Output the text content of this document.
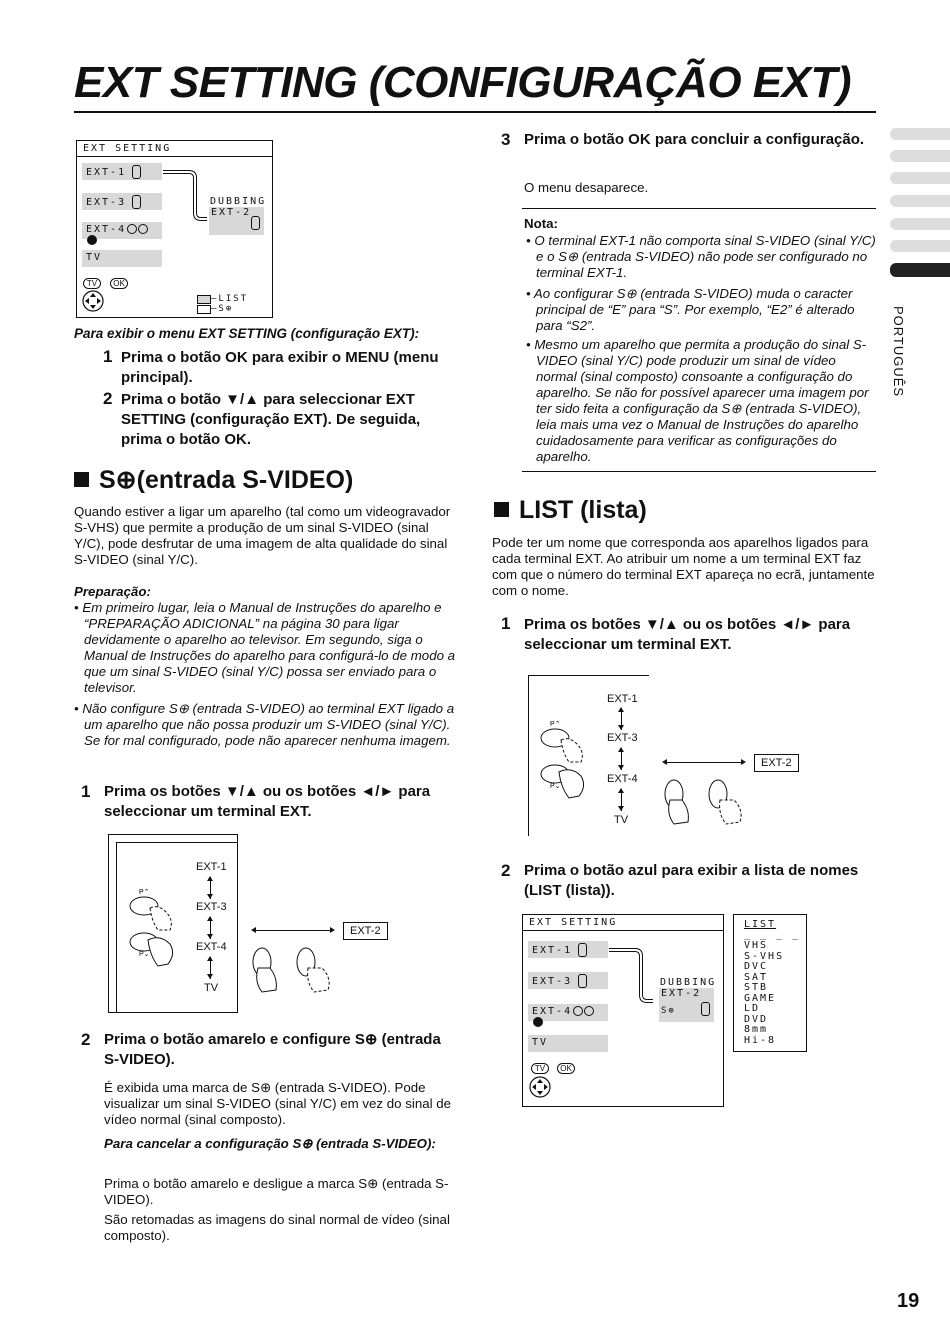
EXT SETTING (CONFIGURAÇÃO EXT)
PORTUGUÊS
EXT SETTING
EXT-1
EXT-3
EXT-4
TV
DUBBING
EXT-2
TV	OK
—LIST
—S⊕
Para exibir o menu EXT SETTING (configuração EXT):
1 Prima o botão OK para exibir o MENU (menu principal).
2 Prima o botão ▼/▲ para seleccionar EXT SETTING (configuração EXT). De seguida, prima o botão OK.
S⊕(entrada S-VIDEO)
Quando estiver a ligar um aparelho (tal como um videogravador S-VHS) que permite a produção de um sinal S-VIDEO (sinal Y/C), pode desfrutar de uma imagem de alta qualidade do sinal S-VIDEO (sinal Y/C).
Preparação:
• Em primeiro lugar, leia o Manual de Instruções do aparelho e “PREPARAÇÃO ADICIONAL” na página 30 para ligar devidamente o aparelho ao televisor. Em segundo, siga o Manual de Instruções do aparelho para configurá-lo de modo a que um sinal S-VIDEO (sinal Y/C) possa ser enviado para o televisor.
• Não configure S⊕ (entrada S-VIDEO) ao terminal EXT ligado a um aparelho que não possa produzir um S-VIDEO (sinal Y/C). Se for mal configurado, pode não aparecer nenhuma imagem.
1 Prima os botões ▼/▲ ou os botões ◄/► para seleccionar um terminal EXT.
EXT-1
EXT-3
EXT-4
TV
P⌃
P⌄
EXT-2
2 Prima o botão amarelo e configure S⊕ (entrada S-VIDEO).
É exibida uma marca de S⊕ (entrada S-VIDEO). Pode visualizar um sinal S-VIDEO (sinal Y/C) em vez do sinal de vídeo normal (sinal composto).
Para cancelar a configuração S⊕ (entrada S-VIDEO):
Prima o botão amarelo e desligue a marca S⊕ (entrada S-VIDEO).
São retomadas as imagens do sinal normal de vídeo (sinal composto).
3 Prima o botão OK para concluir a configuração.
O menu desaparece.
Nota:
• O terminal EXT-1 não comporta sinal S-VIDEO (sinal Y/C) e o S⊕ (entrada S-VIDEO) não pode ser configurado no terminal EXT-1.
• Ao configurar S⊕ (entrada S-VIDEO) muda o caracter principal de “E” para “S”. Por exemplo, “E2” é alterado para “S2”.
• Mesmo um aparelho que permita a produção do sinal S-VIDEO (sinal Y/C) pode produzir um sinal de vídeo normal (sinal composto) consoante a configuração do aparelho. Se não for possível aparecer uma imagem por ter sido feita a configuração da S⊕ (entrada S-VIDEO), leia mais uma vez o Manual de Instruções do aparelho cuidadosamente para verificar as configurações do aparelho.
LIST (lista)
Pode ter um nome que corresponda aos aparelhos ligados para cada terminal EXT. Ao atribuir um nome a um terminal EXT faz com que o número do terminal EXT apareça no ecrã, juntamente com o nome.
1 Prima os botões ▼/▲ ou os botões ◄/► para seleccionar um terminal EXT.
EXT-1
EXT-3
EXT-4
TV
P⌃
P⌄
EXT-2
2 Prima o botão azul para exibir a lista de nomes (LIST (lista)).
EXT SETTING
EXT-1
EXT-3
EXT-4
TV
DUBBING
EXT-2
S⊕
TV	OK
LIST
_ _ _ _
VHS
S-VHS
DVC
SAT
STB
GAME
LD
DVD
8mm
Hi-8
19
